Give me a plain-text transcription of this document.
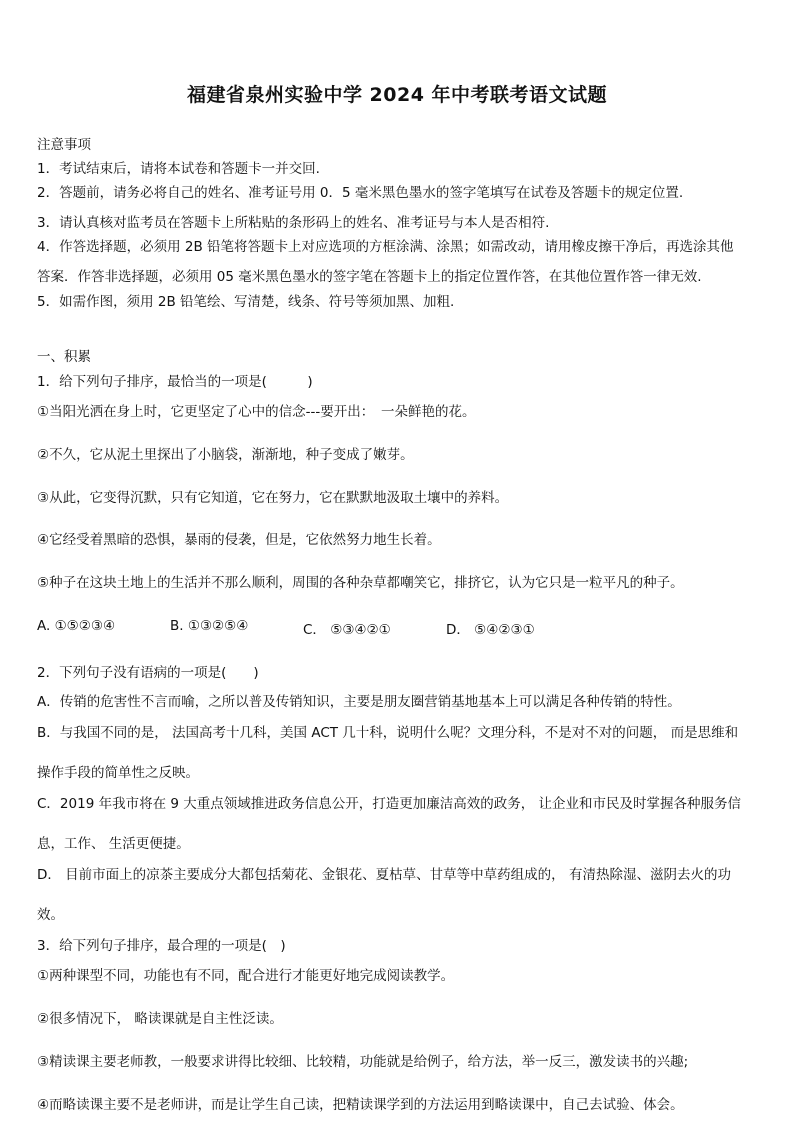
福建省泉州实验中学 2024 年中考联考语文试题
注意事项
1．考试结束后，请将本试卷和答题卡一并交回.
2．答题前，请务必将自己的姓名、准考证号用 0．5 毫米黑色墨水的签字笔填写在试卷及答题卡的规定位置.
3．请认真核对监考员在答题卡上所粘贴的条形码上的姓名、准考证号与本人是否相符.
4．作答选择题，必须用 2B 铅笔将答题卡上对应选项的方框涂满、涂黑；如需改动，请用橡皮擦干净后，再选涂其他
答案．作答非选择题，必须用 05 毫米黑色墨水的签字笔在答题卡上的指定位置作答，在其他位置作答一律无效.
5．如需作图，须用 2B 铅笔绘、写清楚，线条、符号等须加黑、加粗.
一、积累
1．给下列句子排序，最恰当的一项是(　　　)
①当阳光洒在身上时，它更坚定了心中的信念---要开出：　一朵鲜艳的花。
②不久，它从泥土里探出了小脑袋，渐渐地，种子变成了嫩芽。
③从此，它变得沉默，只有它知道，它在努力，它在默默地汲取土壤中的养料。
④它经受着黑暗的恐惧，暴雨的侵袭，但是，它依然努力地生长着。
⑤种子在这块土地上的生活并不那么顺利，周围的各种杂草都嘲笑它，排挤它，认为它只是一粒平凡的种子。
A. ①⑤②③④	B. ①③②⑤④	C． ⑤③④②①	D． ⑤④②③①
2．下列句子没有语病的一项是(　　)
A．传销的危害性不言而喻，之所以普及传销知识，主要是朋友圈营销基地基本上可以满足各种传销的特性。
B．与我国不同的是， 法国高考十几科，美国 ACT 几十科，说明什么呢？文理分科，不是对不对的问题， 而是思维和
操作手段的简单性之反映。
C．2019 年我市将在 9 大重点领域推进政务信息公开，打造更加廉洁高效的政务， 让企业和市民及时掌握各种服务信
息，工作、 生活更便捷。
D． 目前市面上的凉茶主要成分大都包括菊花、金银花、夏枯草、甘草等中草药组成的， 有清热除湿、滋阴去火的功
效。
3．给下列句子排序，最合理的一项是(　)
①两种课型不同，功能也有不同，配合进行才能更好地完成阅读教学。
②很多情况下， 略读课就是自主性泛读。
③精读课主要老师教，一般要求讲得比较细、比较精，功能就是给例子，给方法，举一反三，激发读书的兴趣;
④而略读课主要不是老师讲，而是让学生自己读，把精读课学到的方法运用到略读课中，自己去试验、体会。
